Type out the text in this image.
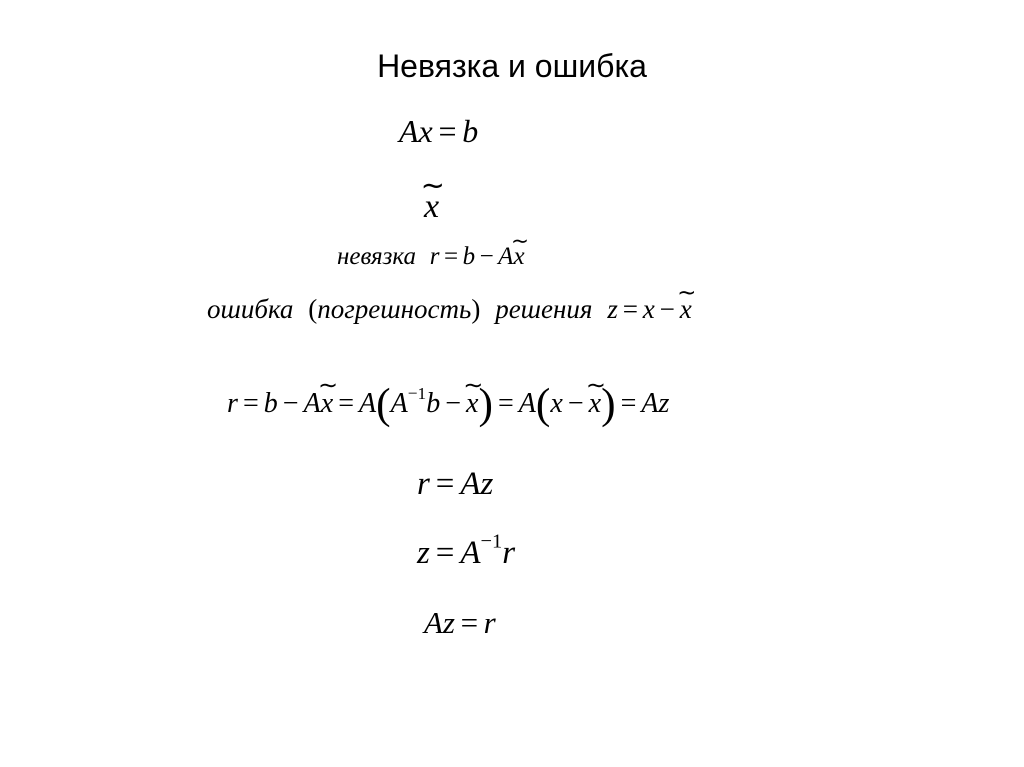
Невязка и ошибка
Ax = b
x ∼
невязка r = b − Ax ∼
ошибка (погрешность) решения z = x − x ∼
r = b − Ax ∼ = $A(A^{-1}b - x$ ∼) = A(x − x ∼) = Az
r = Az
$z = A^{-1}r$
Az = r
